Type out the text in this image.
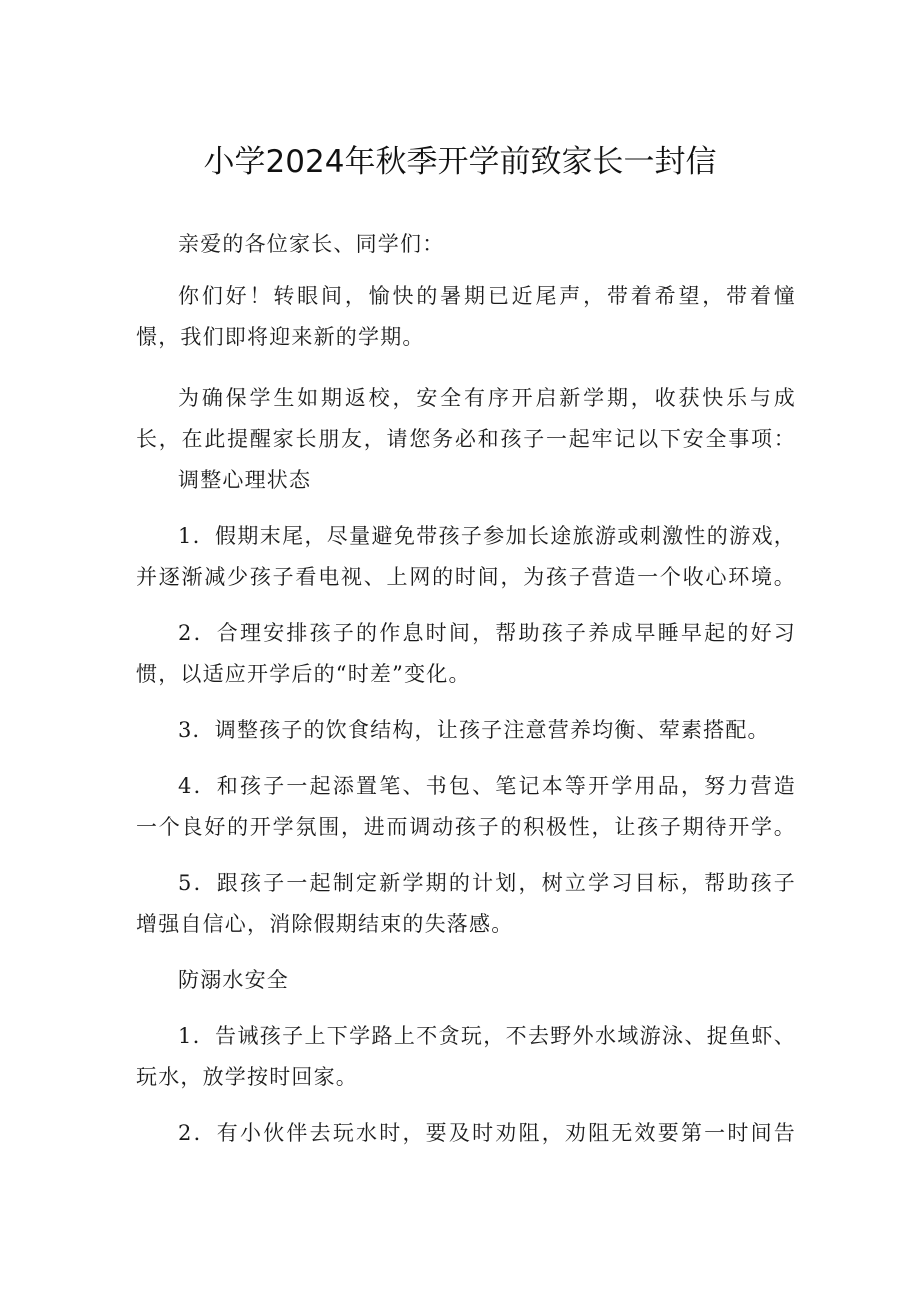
小学2024年秋季开学前致家长一封信
亲爱的各位家长、同学们：
你们好！转眼间，愉快的暑期已近尾声，带着希望，带着憧
憬，我们即将迎来新的学期。
为确保学生如期返校，安全有序开启新学期，收获快乐与成
长，在此提醒家长朋友，请您务必和孩子一起牢记以下安全事项：
调整心理状态
1．假期末尾，尽量避免带孩子参加长途旅游或刺激性的游戏，
并逐渐减少孩子看电视、上网的时间，为孩子营造一个收心环境。
2．合理安排孩子的作息时间，帮助孩子养成早睡早起的好习
惯，以适应开学后的“时差”变化。
3．调整孩子的饮食结构，让孩子注意营养均衡、荤素搭配。
4．和孩子一起添置笔、书包、笔记本等开学用品，努力营造
一个良好的开学氛围，进而调动孩子的积极性，让孩子期待开学。
5．跟孩子一起制定新学期的计划，树立学习目标，帮助孩子
增强自信心，消除假期结束的失落感。
防溺水安全
1．告诫孩子上下学路上不贪玩，不去野外水域游泳、捉鱼虾、
玩水，放学按时回家。
2．有小伙伴去玩水时，要及时劝阻，劝阻无效要第一时间告
